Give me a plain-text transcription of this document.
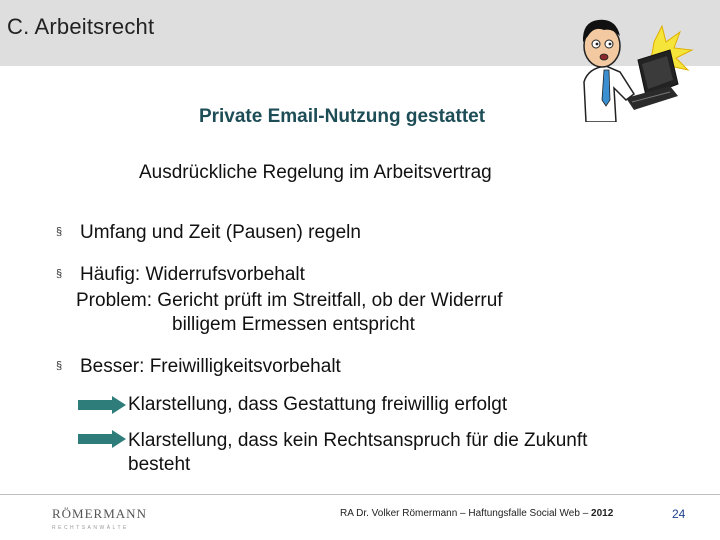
C. Arbeitsrecht
Private Email-Nutzung gestattet
Ausdrückliche Regelung im Arbeitsvertrag
§ Umfang und Zeit (Pausen) regeln
§ Häufig: Widerrufsvorbehalt
Problem: Gericht prüft im Streitfall, ob der Widerruf
billigem Ermessen entspricht
§ Besser: Freiwilligkeitsvorbehalt
Klarstellung, dass Gestattung freiwillig erfolgt
Klarstellung, dass kein Rechtsanspruch für die Zukunft
besteht
RÖMERMANN
RECHTSANWÄLTE
RA Dr. Volker Römermann – Haftungsfalle Social Web – 2012	24
